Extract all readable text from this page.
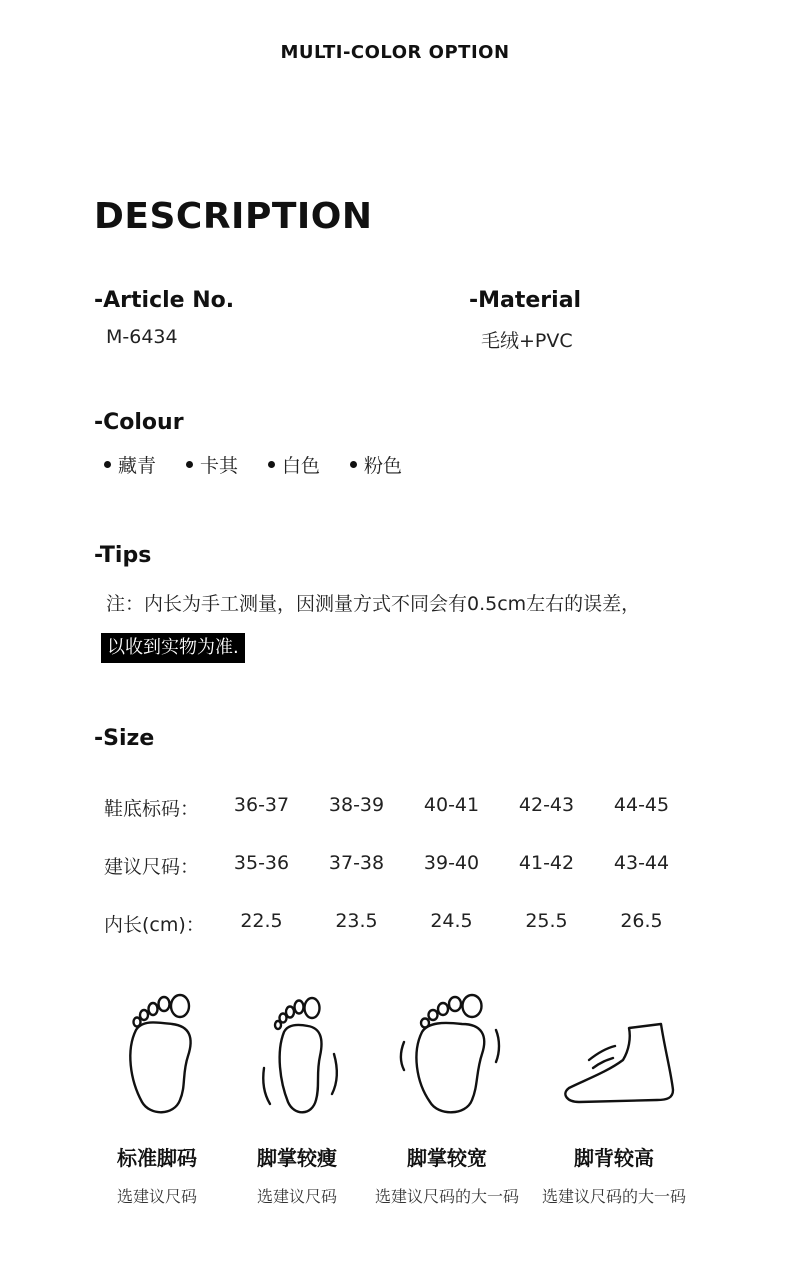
MULTI-COLOR OPTION
DESCRIPTION
-Article No.
M-6434
-Material
毛绒+PVC
-Colour
藏青 卡其 白色 粉色
-Tips
注：内长为手工测量，因测量方式不同会有0.5cm左右的误差，
以收到实物为准.
-Size
鞋底标码：	36-37	38-39	40-41	42-43	44-45
建议尺码：	35-36	37-38	39-40	41-42	43-44
内长(cm)：	22.5	23.5	24.5	25.5	26.5
标准脚码
选建议尺码
脚掌较瘦
选建议尺码
脚掌较宽
选建议尺码的大一码
脚背较高
选建议尺码的大一码
